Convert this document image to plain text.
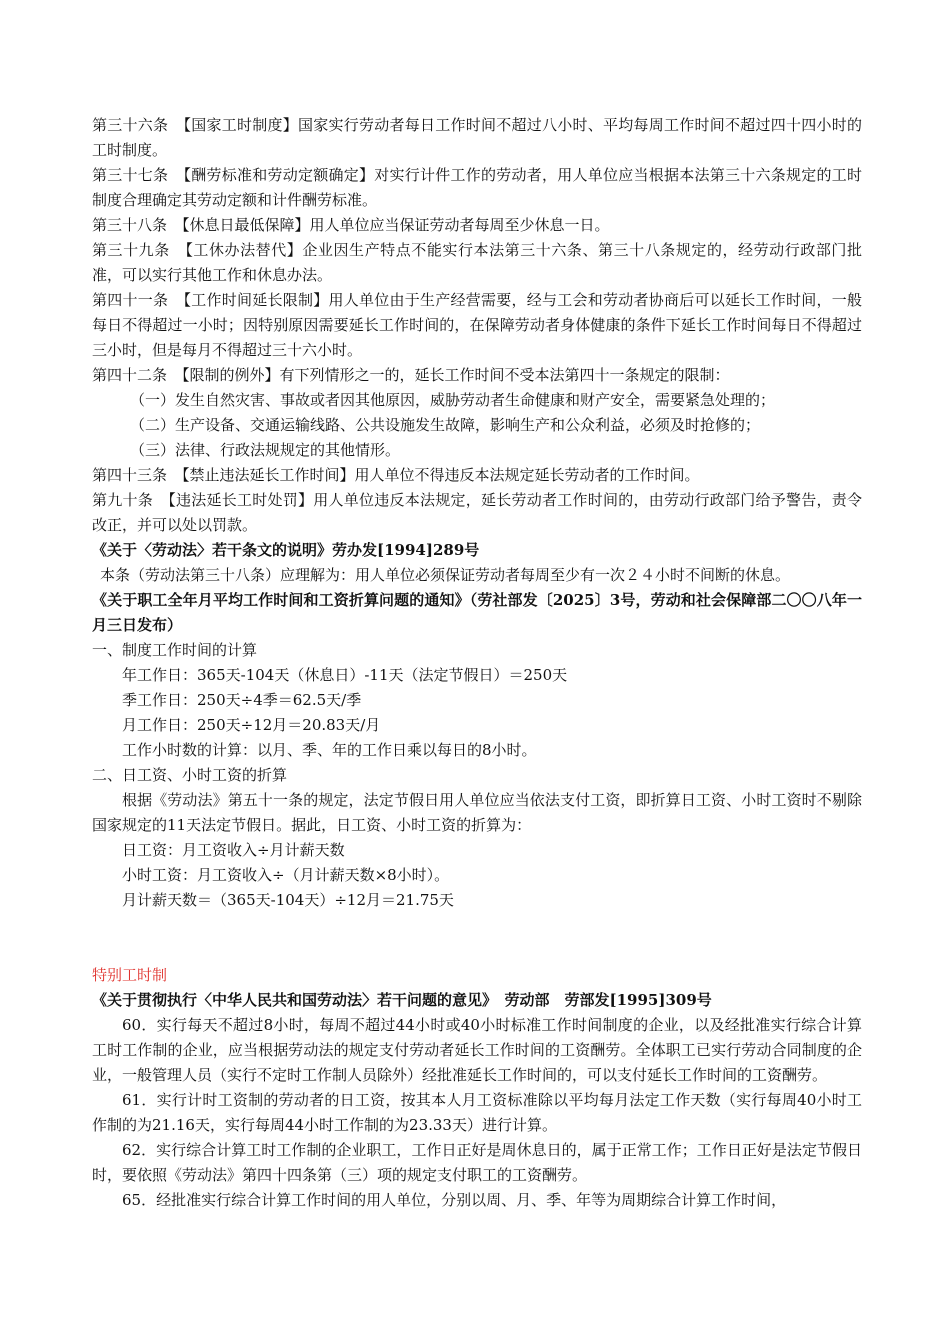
第三十六条　【国家工时制度】国家实行劳动者每日工作时间不超过八小时、平均每周工作时间不超过四十四小时的工时制度。

第三十七条　【酬劳标准和劳动定额确定】对实行计件工作的劳动者，用人单位应当根据本法第三十六条规定的工时制度合理确定其劳动定额和计件酬劳标准。

第三十八条　【休息日最低保障】用人单位应当保证劳动者每周至少休息一日。

第三十九条　【工休办法替代】企业因生产特点不能实行本法第三十六条、第三十八条规定的，经劳动行政部门批准，可以实行其他工作和休息办法。

第四十一条　【工作时间延长限制】用人单位由于生产经营需要，经与工会和劳动者协商后可以延长工作时间，一般每日不得超过一小时；因特别原因需要延长工作时间的，在保障劳动者身体健康的条件下延长工作时间每日不得超过三小时，但是每月不得超过三十六小时。

第四十二条　【限制的例外】有下列情形之一的，延长工作时间不受本法第四十一条规定的限制：

（一）发生自然灾害、事故或者因其他原因，威胁劳动者生命健康和财产安全，需要紧急处理的；
（二）生产设备、交通运输线路、公共设施发生故障，影响生产和公众利益，必须及时抢修的；
（三）法律、行政法规规定的其他情形。

第四十三条　【禁止违法延长工作时间】用人单位不得违反本法规定延长劳动者的工作时间。

第九十条　【违法延长工时处罚】用人单位违反本法规定，延长劳动者工作时间的，由劳动行政部门给予警告，责令改正，并可以处以罚款。

《关于〈劳动法〉若干条文的说明》劳办发[1994]289号

本条（劳动法第三十八条）应理解为：用人单位必须保证劳动者每周至少有一次２４小时不间断的休息。

《关于职工全年月平均工作时间和工资折算问题的通知》（劳社部发〔2025〕3号，劳动和社会保障部二〇〇八年一月三日发布）

一、制度工作时间的计算
年工作日：365天-104天（休息日）-11天（法定节假日）＝250天
季工作日：250天÷4季＝62.5天/季
月工作日：250天÷12月＝20.83天/月
工作小时数的计算：以月、季、年的工作日乘以每日的8小时。
二、日工资、小时工资的折算

根据《劳动法》第五十一条的规定，法定节假日用人单位应当依法支付工资，即折算日工资、小时工资时不剔除国家规定的11天法定节假日。据此，日工资、小时工资的折算为：

日工资：月工资收入÷月计薪天数
小时工资：月工资收入÷（月计薪天数×8小时）。
月计薪天数＝（365天-104天）÷12月＝21.75天
特别工时制

《关于贯彻执行〈中华人民共和国劳动法〉若干问题的意见》　劳动部　劳部发[1995]309号

60．实行每天不超过8小时，每周不超过44小时或40小时标准工作时间制度的企业，以及经批准实行综合计算工时工作制的企业，应当根据劳动法的规定支付劳动者延长工作时间的工资酬劳。全体职工已实行劳动合同制度的企业，一般管理人员（实行不定时工作制人员除外）经批准延长工作时间的，可以支付延长工作时间的工资酬劳。

61．实行计时工资制的劳动者的日工资，按其本人月工资标准除以平均每月法定工作天数（实行每周40小时工作制的为21.16天，实行每周44小时工作制的为23.33天）进行计算。

62．实行综合计算工时工作制的企业职工，工作日正好是周休息日的，属于正常工作；工作日正好是法定节假日时，要依照《劳动法》第四十四条第（三）项的规定支付职工的工资酬劳。

65．经批准实行综合计算工作时间的用人单位，分别以周、月、季、年等为周期综合计算工作时间，
